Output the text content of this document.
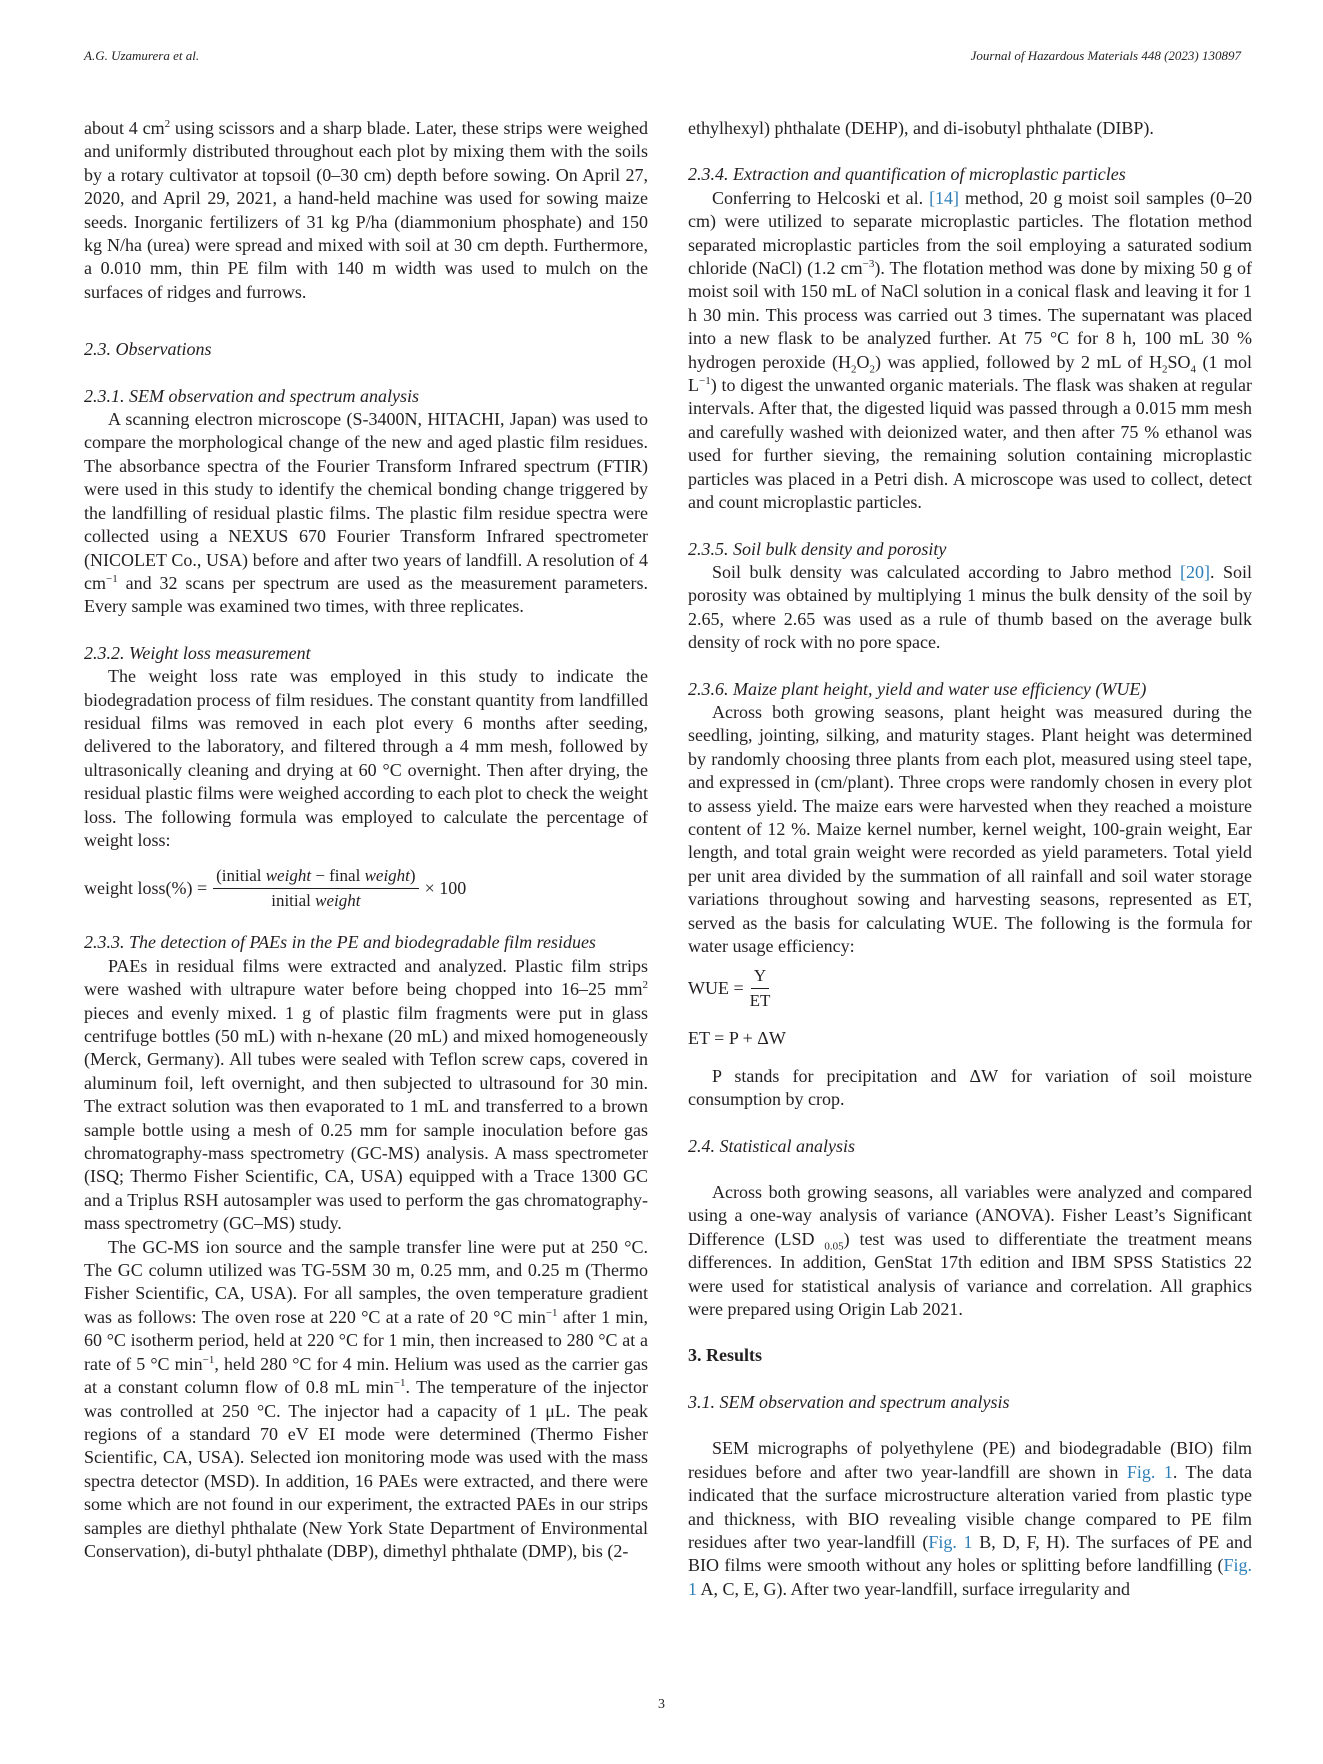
A.G. Uzamurera et al.	Journal of Hazardous Materials 448 (2023) 130897

about 4 $cm^2$ using scissors and a sharp blade. Later, these strips were weighed and uniformly distributed throughout each plot by mixing them with the soils by a rotary cultivator at topsoil (0–30 cm) depth before sowing. On April 27, 2020, and April 29, 2021, a hand-held machine was used for sowing maize seeds. Inorganic fertilizers of 31 kg P/ha (diammonium phosphate) and 150 kg N/ha (urea) were spread and mixed with soil at 30 cm depth. Furthermore, a 0.010 mm, thin PE film with 140 m width was used to mulch on the surfaces of ridges and furrows.

2.3. Observations
2.3.1. SEM observation and spectrum analysis

A scanning electron microscope (S-3400N, HITACHI, Japan) was used to compare the morphological change of the new and aged plastic film residues. The absorbance spectra of the Fourier Transform Infrared spectrum (FTIR) were used in this study to identify the chemical bonding change triggered by the landfilling of residual plastic films. The plastic film residue spectra were collected using a NEXUS 670 Fourier Transform Infrared spectrometer (NICOLET Co., USA) before and after two years of landfill. A resolution of 4 $cm^{-1}$ and 32 scans per spectrum are used as the measurement parameters. Every sample was examined two times, with three replicates.

2.3.2. Weight loss measurement

The weight loss rate was employed in this study to indicate the biodegradation process of film residues. The constant quantity from landfilled residual films was removed in each plot every 6 months after seeding, delivered to the laboratory, and filtered through a 4 mm mesh, followed by ultrasonically cleaning and drying at 60 °C overnight. Then after drying, the residual plastic films were weighed according to each plot to check the weight loss. The following formula was employed to calculate the percentage of weight loss:

weight loss(%) = $\frac{\text{(initial weight − final weight)}}{\text{initial weight}} \times 100$
2.3.3. The detection of PAEs in the PE and biodegradable film residues

PAEs in residual films were extracted and analyzed. Plastic film strips were washed with ultrapure water before being chopped into 16–25 $mm^2$ pieces and evenly mixed. 1 g of plastic film fragments were put in glass centrifuge bottles (50 mL) with n-hexane (20 mL) and mixed homogeneously (Merck, Germany). All tubes were sealed with Teflon screw caps, covered in aluminum foil, left overnight, and then subjected to ultrasound for 30 min. The extract solution was then evaporated to 1 mL and transferred to a brown sample bottle using a mesh of 0.25 mm for sample inoculation before gas chromatography-mass spectrometry (GC-MS) analysis. A mass spectrometer (ISQ; Thermo Fisher Scientific, CA, USA) equipped with a Trace 1300 GC and a Triplus RSH autosampler was used to perform the gas chromatography-mass spectrometry (GC–MS) study.

The GC-MS ion source and the sample transfer line were put at 250 °C. The GC column utilized was TG-5SM 30 m, 0.25 mm, and 0.25 m (Thermo Fisher Scientific, CA, USA). For all samples, the oven temperature gradient was as follows: The oven rose at 220 °C at a rate of 20 °C $\min^{-1}$ after 1 min, 60 °C isotherm period, held at 220 °C for 1 min, then increased to 280 °C at a rate of 5 °C $\min^{-1}$, held 280 °C for 4 min. Helium was used as the carrier gas at a constant column flow of 0.8 mL $\min^{-1}$. The temperature of the injector was controlled at 250 °C. The injector had a capacity of 1 μL. The peak regions of a standard 70 eV EI mode were determined (Thermo Fisher Scientific, CA, USA). Selected ion monitoring mode was used with the mass spectra detector (MSD). In addition, 16 PAEs were extracted, and there were some which are not found in our experiment, the extracted PAEs in our strips samples are diethyl phthalate (New York State Department of Environmental Conservation), di-butyl phthalate (DBP), dimethyl phthalate (DMP), bis (2-

ethylhexyl) phthalate (DEHP), and di-isobutyl phthalate (DIBP).

2.3.4. Extraction and quantification of microplastic particles

Conferring to Helcoski et al. [14] method, 20 g moist soil samples (0–20 cm) were utilized to separate microplastic particles. The flotation method separated microplastic particles from the soil employing a saturated sodium chloride (NaCl) (1.2 $cm^{-3}$). The flotation method was done by mixing 50 g of moist soil with 150 mL of NaCl solution in a conical flask and leaving it for 1 h 30 min. This process was carried out 3 times. The supernatant was placed into a new flask to be analyzed further. At 75 °C for 8 h, 100 mL 30 % hydrogen peroxide $(H_2O_2)$ was applied, followed by 2 mL of $H_2SO_4$ (1 mol $L^{-1}$) to digest the unwanted organic materials. The flask was shaken at regular intervals. After that, the digested liquid was passed through a 0.015 mm mesh and carefully washed with deionized water, and then after 75 % ethanol was used for further sieving, the remaining solution containing microplastic particles was placed in a Petri dish. A microscope was used to collect, detect and count microplastic particles.

2.3.5. Soil bulk density and porosity

Soil bulk density was calculated according to Jabro method [20]. Soil porosity was obtained by multiplying 1 minus the bulk density of the soil by 2.65, where 2.65 was used as a rule of thumb based on the average bulk density of rock with no pore space.

2.3.6. Maize plant height, yield and water use efficiency (WUE)

Across both growing seasons, plant height was measured during the seedling, jointing, silking, and maturity stages. Plant height was determined by randomly choosing three plants from each plot, measured using steel tape, and expressed in (cm/plant). Three crops were randomly chosen in every plot to assess yield. The maize ears were harvested when they reached a moisture content of 12 %. Maize kernel number, kernel weight, 100-grain weight, Ear length, and total grain weight were recorded as yield parameters. Total yield per unit area divided by the summation of all rainfall and soil water storage variations throughout sowing and harvesting seasons, represented as ET, served as the basis for calculating WUE. The following is the formula for water usage efficiency:

WUE = $\frac{Y}{ET}$
ET = P + ΔW

P stands for precipitation and ΔW for variation of soil moisture consumption by crop.

2.4. Statistical analysis

Across both growing seasons, all variables were analyzed and compared using a one-way analysis of variance (ANOVA). Fisher Least’s Significant Difference (LSD $_{0.05}$) test was used to differentiate the treatment means differences. In addition, GenStat 17th edition and IBM SPSS Statistics 22 were used for statistical analysis of variance and correlation. All graphics were prepared using Origin Lab 2021.

3. Results
3.1. SEM observation and spectrum analysis

SEM micrographs of polyethylene (PE) and biodegradable (BIO) film residues before and after two year-landfill are shown in Fig. 1. The data indicated that the surface microstructure alteration varied from plastic type and thickness, with BIO revealing visible change compared to PE film residues after two year-landfill (Fig. 1 B, D, F, H). The surfaces of PE and BIO films were smooth without any holes or splitting before landfilling (Fig. 1 A, C, E, G). After two year-landfill, surface irregularity and

3
